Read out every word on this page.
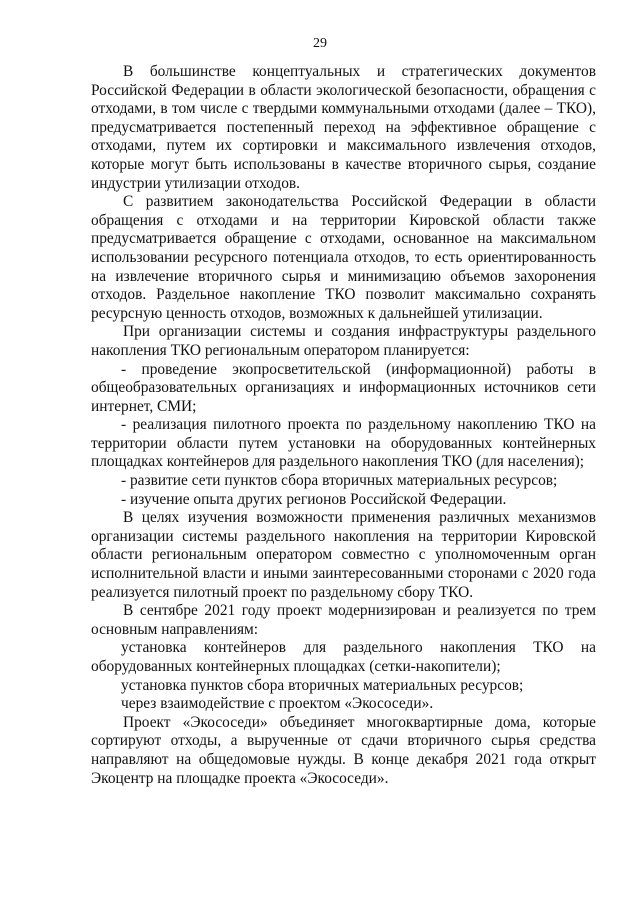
29

В большинстве концептуальных и стратегических документов Российской Федерации в области экологической безопасности, обращения с отходами, в том числе с твердыми коммунальными отходами (далее – ТКО), предусматривается постепенный переход на эффективное обращение с отходами, путем их сортировки и максимального извлечения отходов, которые могут быть использованы в качестве вторичного сырья, создание индустрии утилизации отходов.

С развитием законодательства Российской Федерации в области обращения с отходами и на территории Кировской области также предусматривается обращение с отходами, основанное на максимальном использовании ресурсного потенциала отходов, то есть ориентированность на извлечение вторичного сырья и минимизацию объемов захоронения отходов. Раздельное накопление ТКО позволит максимально сохранять ресурсную ценность отходов, возможных к дальнейшей утилизации.

При организации системы и создания инфраструктуры раздельного накопления ТКО региональным оператором планируется:

- проведение экопросветительской (информационной) работы в общеобразовательных организациях и информационных источников сети интернет, СМИ;

- реализация пилотного проекта по раздельному накоплению ТКО на территории области путем установки на оборудованных контейнерных площадках контейнеров для раздельного накопления ТКО (для населения);

- развитие сети пунктов сбора вторичных материальных ресурсов;

- изучение опыта других регионов Российской Федерации.

В целях изучения возможности применения различных механизмов организации системы раздельного накопления на территории Кировской области региональным оператором совместно с уполномоченным орган исполнительной власти и иными заинтересованными сторонами с 2020 года реализуется пилотный проект по раздельному сбору ТКО.

В сентябре 2021 году проект модернизирован и реализуется по трем основным направлениям:

установка контейнеров для раздельного накопления ТКО на оборудованных контейнерных площадках (сетки-накопители);

установка пунктов сбора вторичных материальных ресурсов;

через взаимодействие с проектом «Экососеди».

Проект «Экососеди» объединяет многоквартирные дома, которые сортируют отходы, а вырученные от сдачи вторичного сырья средства направляют на общедомовые нужды. В конце декабря 2021 года открыт Экоцентр на площадке проекта «Экососеди».
